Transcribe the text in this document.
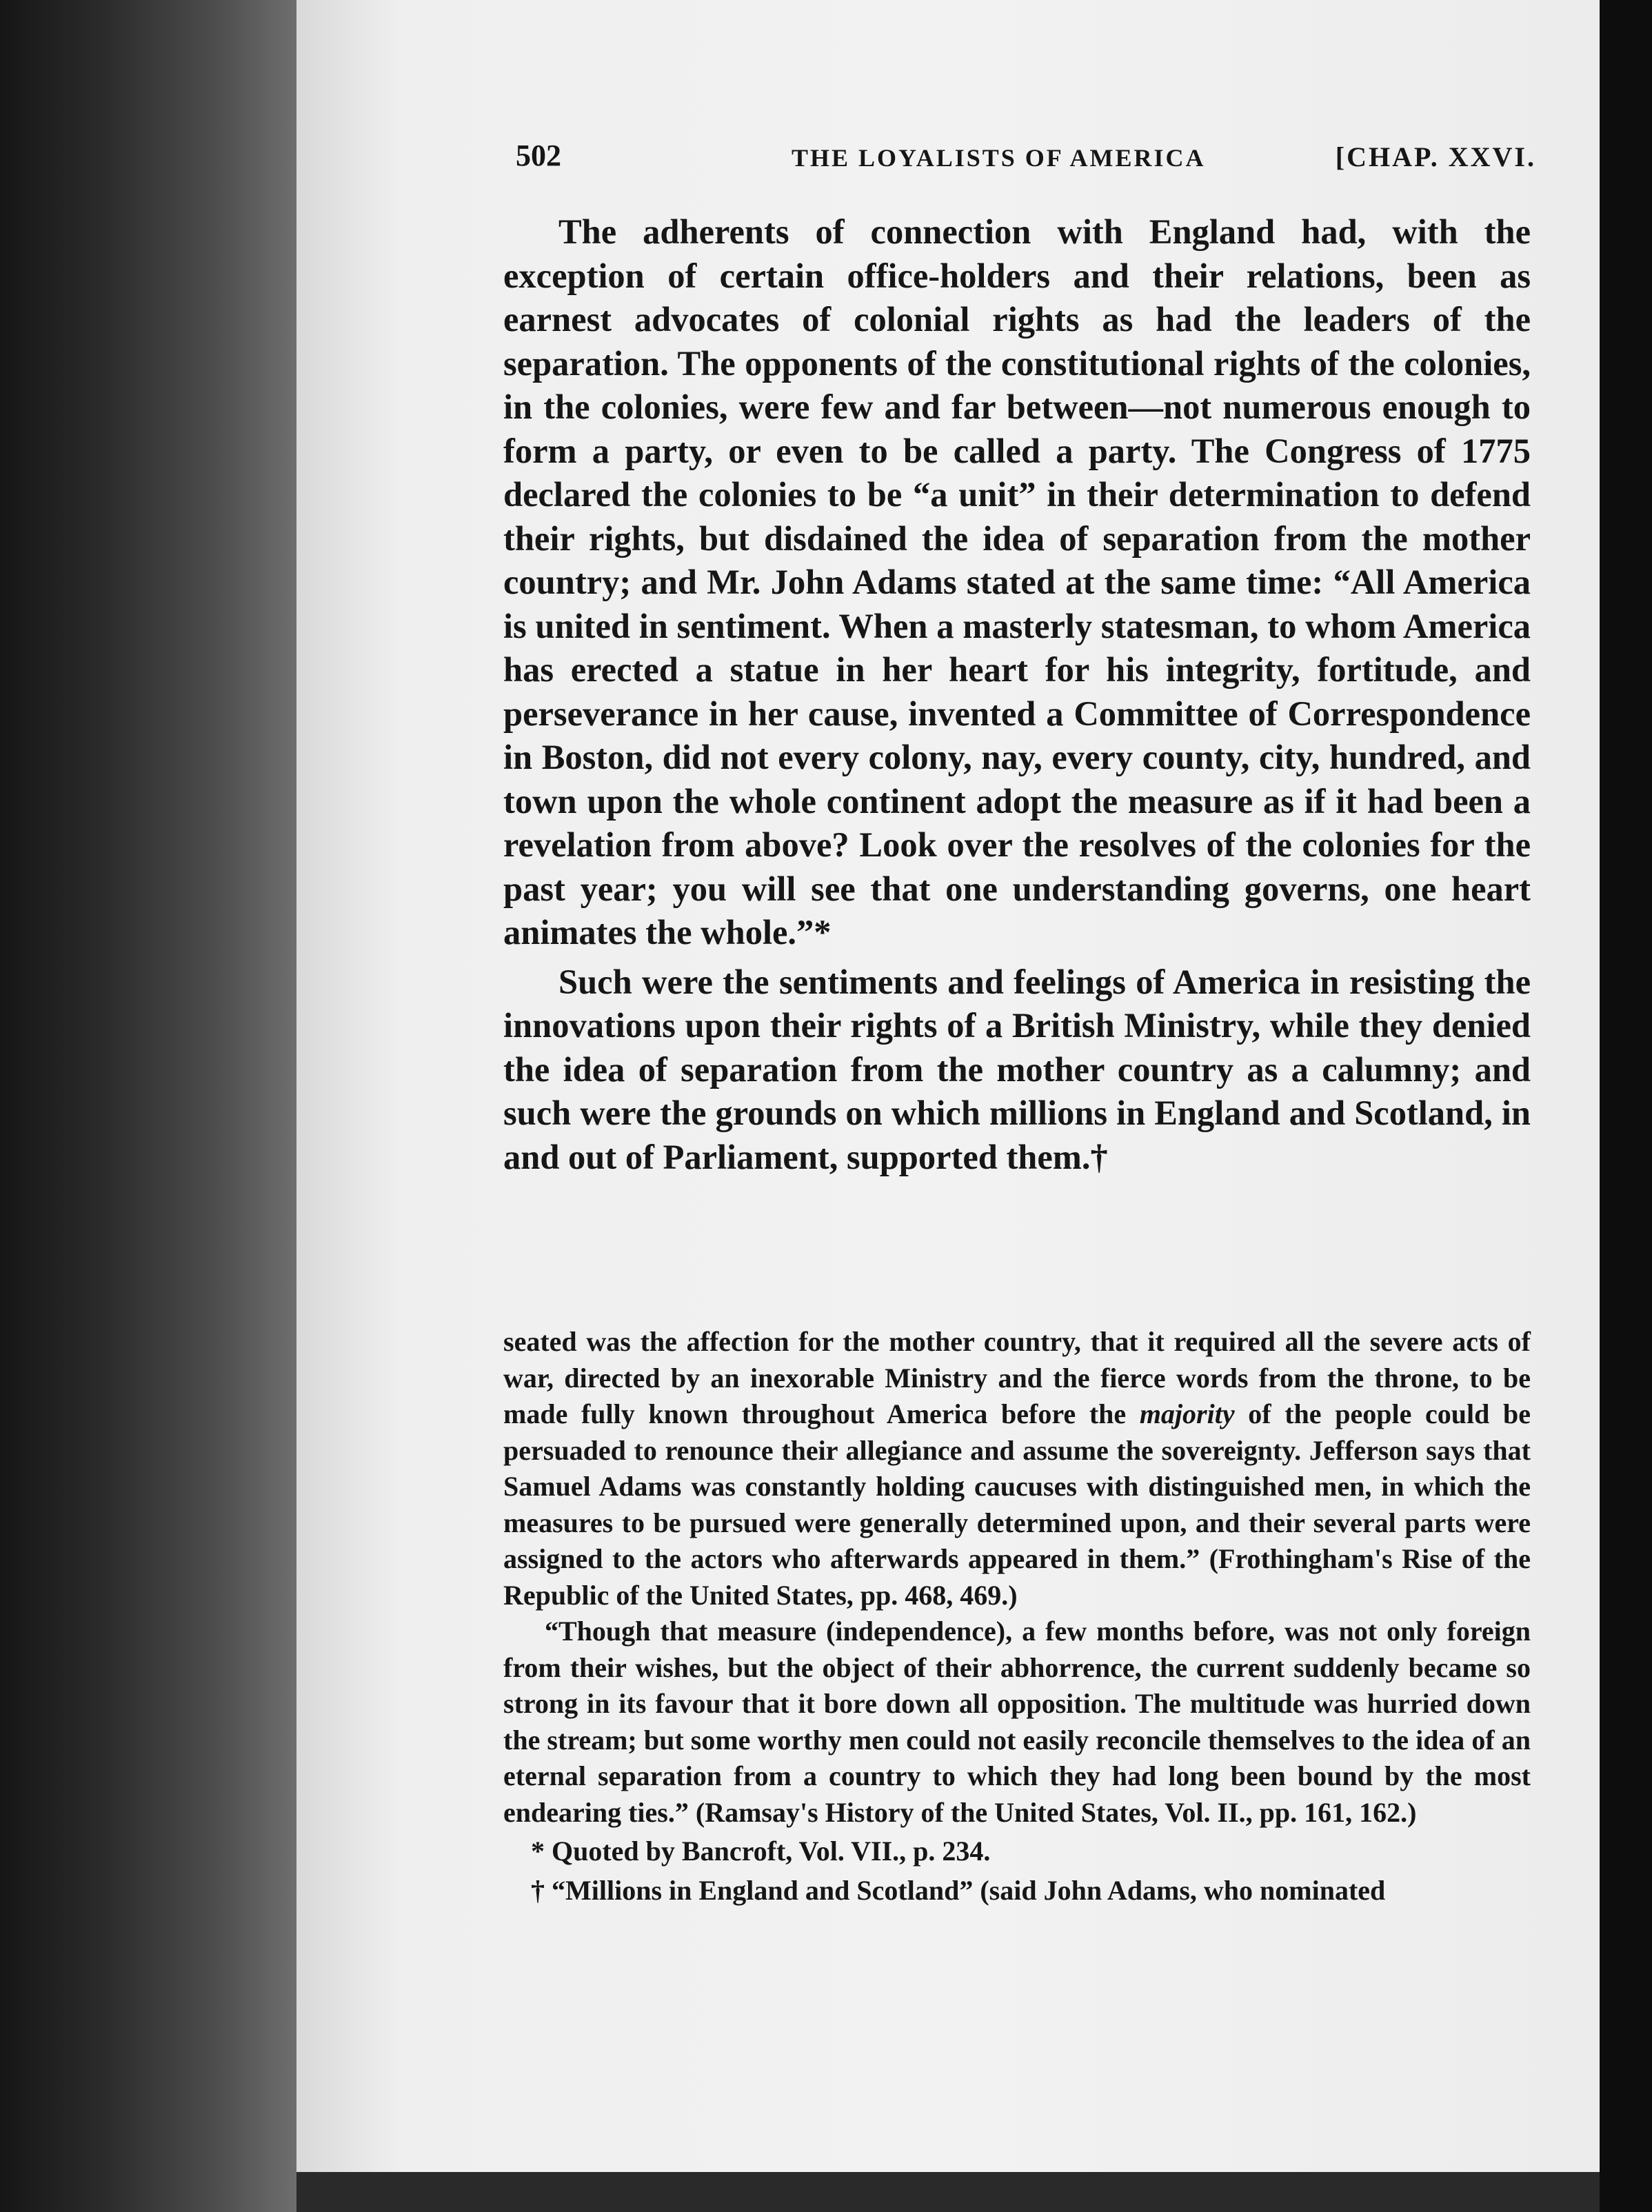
502	THE LOYALISTS OF AMERICA	[CHAP. XXVI.

The adherents of connection with England had, with the exception of certain office-holders and their relations, been as earnest advocates of colonial rights as had the leaders of the separation. The opponents of the constitutional rights of the colonies, in the colonies, were few and far between—not numerous enough to form a party, or even to be called a party. The Congress of 1775 declared the colonies to be “a unit” in their determination to defend their rights, but disdained the idea of separation from the mother country; and Mr. John Adams stated at the same time: “All America is united in sentiment. When a masterly statesman, to whom America has erected a statue in her heart for his integrity, fortitude, and perseverance in her cause, invented a Committee of Correspondence in Boston, did not every colony, nay, every county, city, hundred, and town upon the whole continent adopt the measure as if it had been a revelation from above? Look over the resolves of the colonies for the past year; you will see that one understanding governs, one heart animates the whole.”*

Such were the sentiments and feelings of America in resisting the innovations upon their rights of a British Ministry, while they denied the idea of separation from the mother country as a calumny; and such were the grounds on which millions in England and Scotland, in and out of Parliament, supported them.†

seated was the affection for the mother country, that it required all the severe acts of war, directed by an inexorable Ministry and the fierce words from the throne, to be made fully known throughout America before the majority of the people could be persuaded to renounce their allegiance and assume the sovereignty. Jefferson says that Samuel Adams was constantly holding caucuses with distinguished men, in which the measures to be pursued were generally determined upon, and their several parts were assigned to the actors who afterwards appeared in them.” (Frothingham's Rise of the Republic of the United States, pp. 468, 469.)

“Though that measure (independence), a few months before, was not only foreign from their wishes, but the object of their abhorrence, the current suddenly became so strong in its favour that it bore down all opposition. The multitude was hurried down the stream; but some worthy men could not easily reconcile themselves to the idea of an eternal separation from a country to which they had long been bound by the most endearing ties.” (Ramsay's History of the United States, Vol. II., pp. 161, 162.)

* Quoted by Bancroft, Vol. VII., p. 234.

† “Millions in England and Scotland” (said John Adams, who nominated
